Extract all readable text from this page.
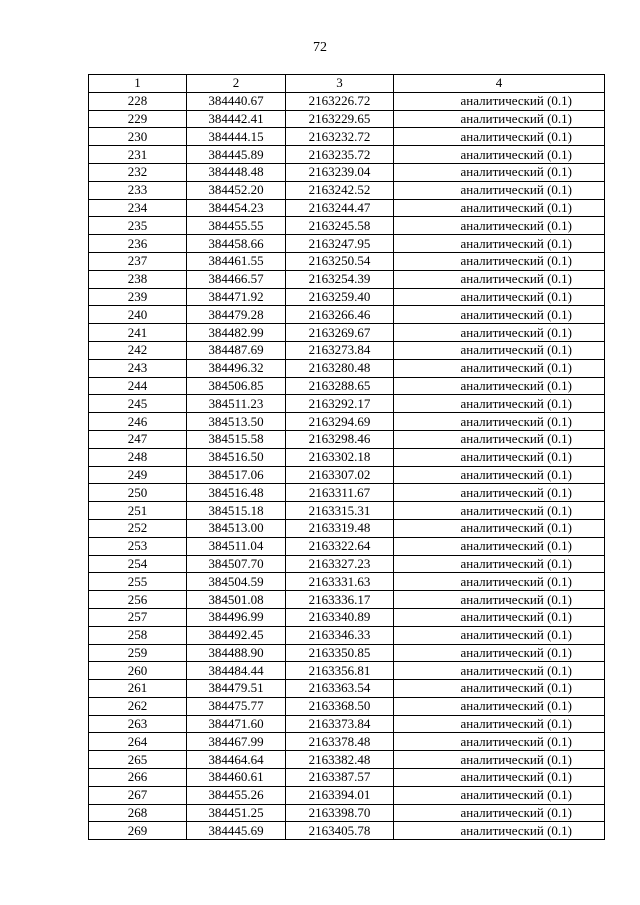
72
1	2	3	4
228	384440.67	2163226.72	аналитический (0.1)
229	384442.41	2163229.65	аналитический (0.1)
230	384444.15	2163232.72	аналитический (0.1)
231	384445.89	2163235.72	аналитический (0.1)
232	384448.48	2163239.04	аналитический (0.1)
233	384452.20	2163242.52	аналитический (0.1)
234	384454.23	2163244.47	аналитический (0.1)
235	384455.55	2163245.58	аналитический (0.1)
236	384458.66	2163247.95	аналитический (0.1)
237	384461.55	2163250.54	аналитический (0.1)
238	384466.57	2163254.39	аналитический (0.1)
239	384471.92	2163259.40	аналитический (0.1)
240	384479.28	2163266.46	аналитический (0.1)
241	384482.99	2163269.67	аналитический (0.1)
242	384487.69	2163273.84	аналитический (0.1)
243	384496.32	2163280.48	аналитический (0.1)
244	384506.85	2163288.65	аналитический (0.1)
245	384511.23	2163292.17	аналитический (0.1)
246	384513.50	2163294.69	аналитический (0.1)
247	384515.58	2163298.46	аналитический (0.1)
248	384516.50	2163302.18	аналитический (0.1)
249	384517.06	2163307.02	аналитический (0.1)
250	384516.48	2163311.67	аналитический (0.1)
251	384515.18	2163315.31	аналитический (0.1)
252	384513.00	2163319.48	аналитический (0.1)
253	384511.04	2163322.64	аналитический (0.1)
254	384507.70	2163327.23	аналитический (0.1)
255	384504.59	2163331.63	аналитический (0.1)
256	384501.08	2163336.17	аналитический (0.1)
257	384496.99	2163340.89	аналитический (0.1)
258	384492.45	2163346.33	аналитический (0.1)
259	384488.90	2163350.85	аналитический (0.1)
260	384484.44	2163356.81	аналитический (0.1)
261	384479.51	2163363.54	аналитический (0.1)
262	384475.77	2163368.50	аналитический (0.1)
263	384471.60	2163373.84	аналитический (0.1)
264	384467.99	2163378.48	аналитический (0.1)
265	384464.64	2163382.48	аналитический (0.1)
266	384460.61	2163387.57	аналитический (0.1)
267	384455.26	2163394.01	аналитический (0.1)
268	384451.25	2163398.70	аналитический (0.1)
269	384445.69	2163405.78	аналитический (0.1)
